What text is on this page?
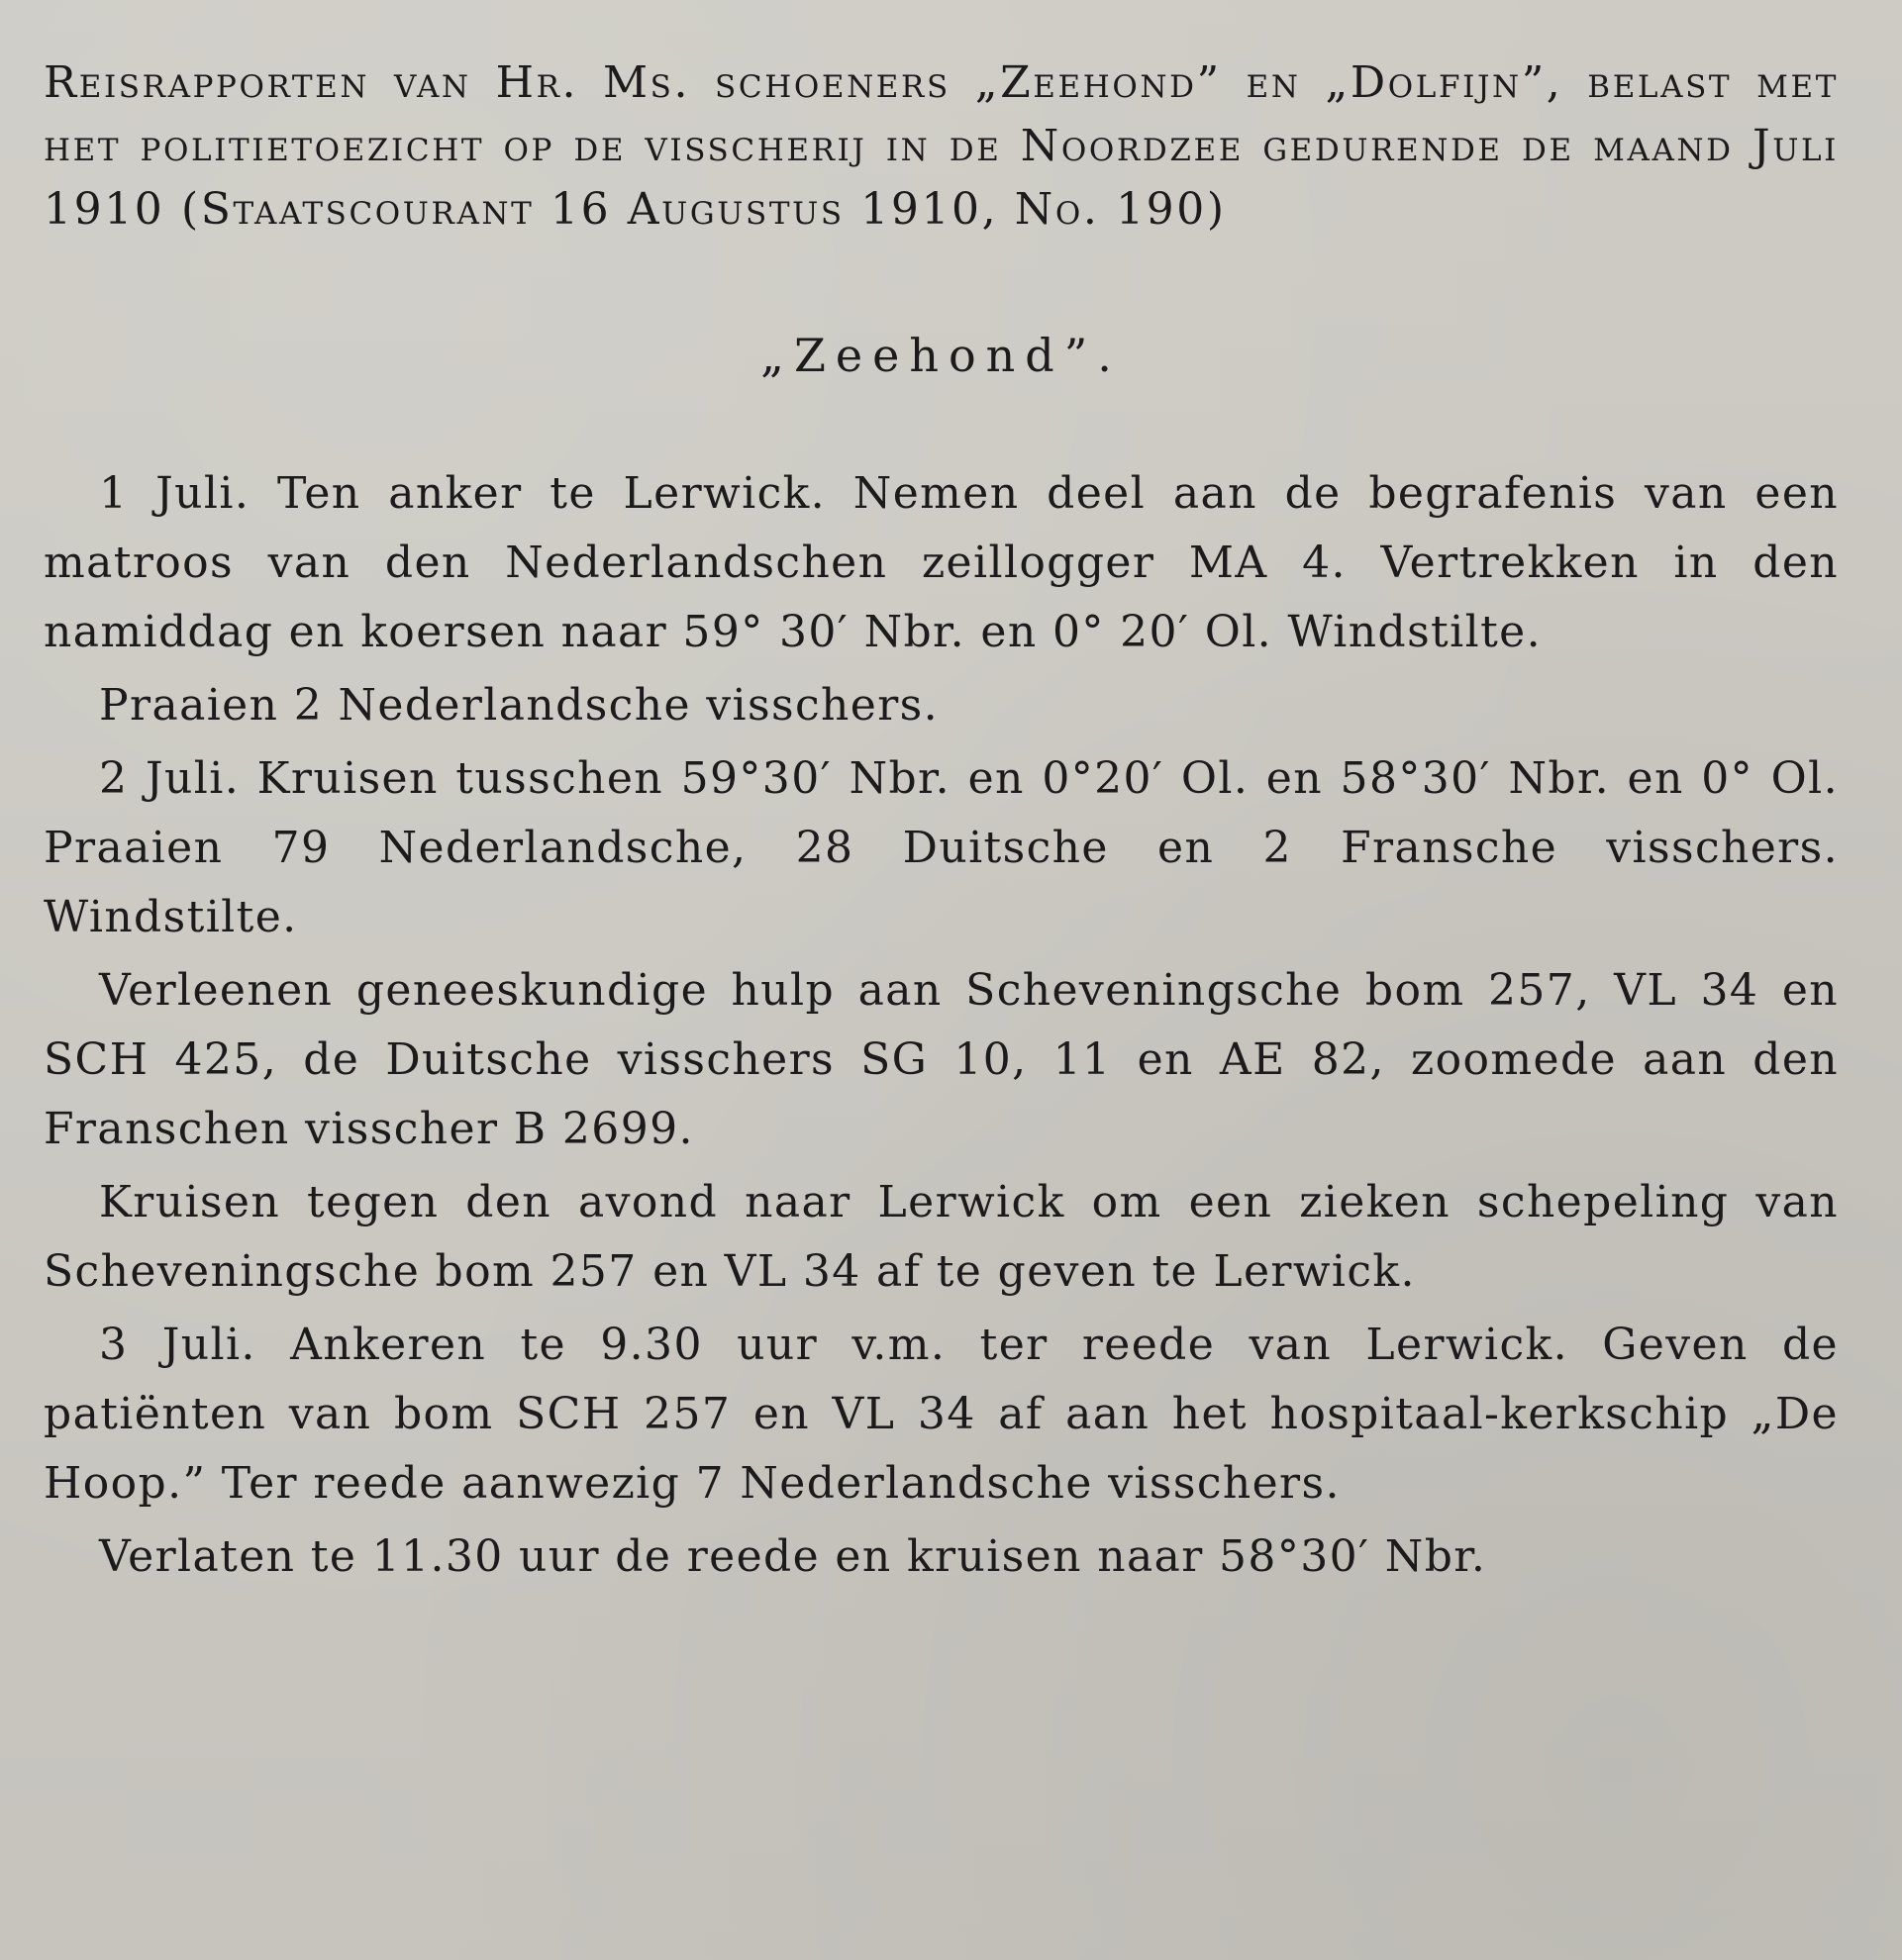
Reisrapporten van Hr. Ms. schoeners „Zeehond” en „Dolfijn”, belast met het politietoezicht op de visscherij in de Noordzee gedurende de maand Juli 1910 (Staatscourant 16 Augustus 1910, No. 190)
„Zeehond”.

1 Juli. Ten anker te Lerwick. Nemen deel aan de begrafenis van een matroos van den Nederlandschen zeillogger MA 4. Vertrekken in den namiddag en koersen naar 59° 30′ Nbr. en 0° 20′ Ol. Windstilte.

Praaien 2 Nederlandsche visschers.

2 Juli. Kruisen tusschen 59°30′ Nbr. en 0°20′ Ol. en 58°30′ Nbr. en 0° Ol. Praaien 79 Nederlandsche, 28 Duitsche en 2 Fransche visschers. Windstilte.

Verleenen geneeskundige hulp aan Scheveningsche bom 257, VL 34 en SCH 425, de Duitsche visschers SG 10, 11 en AE 82, zoomede aan den Franschen visscher B 2699.

Kruisen tegen den avond naar Lerwick om een zieken schepeling van Scheveningsche bom 257 en VL 34 af te geven te Lerwick.

3 Juli. Ankeren te 9.30 uur v.m. ter reede van Lerwick. Geven de patiënten van bom SCH 257 en VL 34 af aan het hospitaal-kerkschip „De Hoop.” Ter reede aanwezig 7 Nederlandsche visschers.

Verlaten te 11.30 uur de reede en kruisen naar 58°30′ Nbr.
